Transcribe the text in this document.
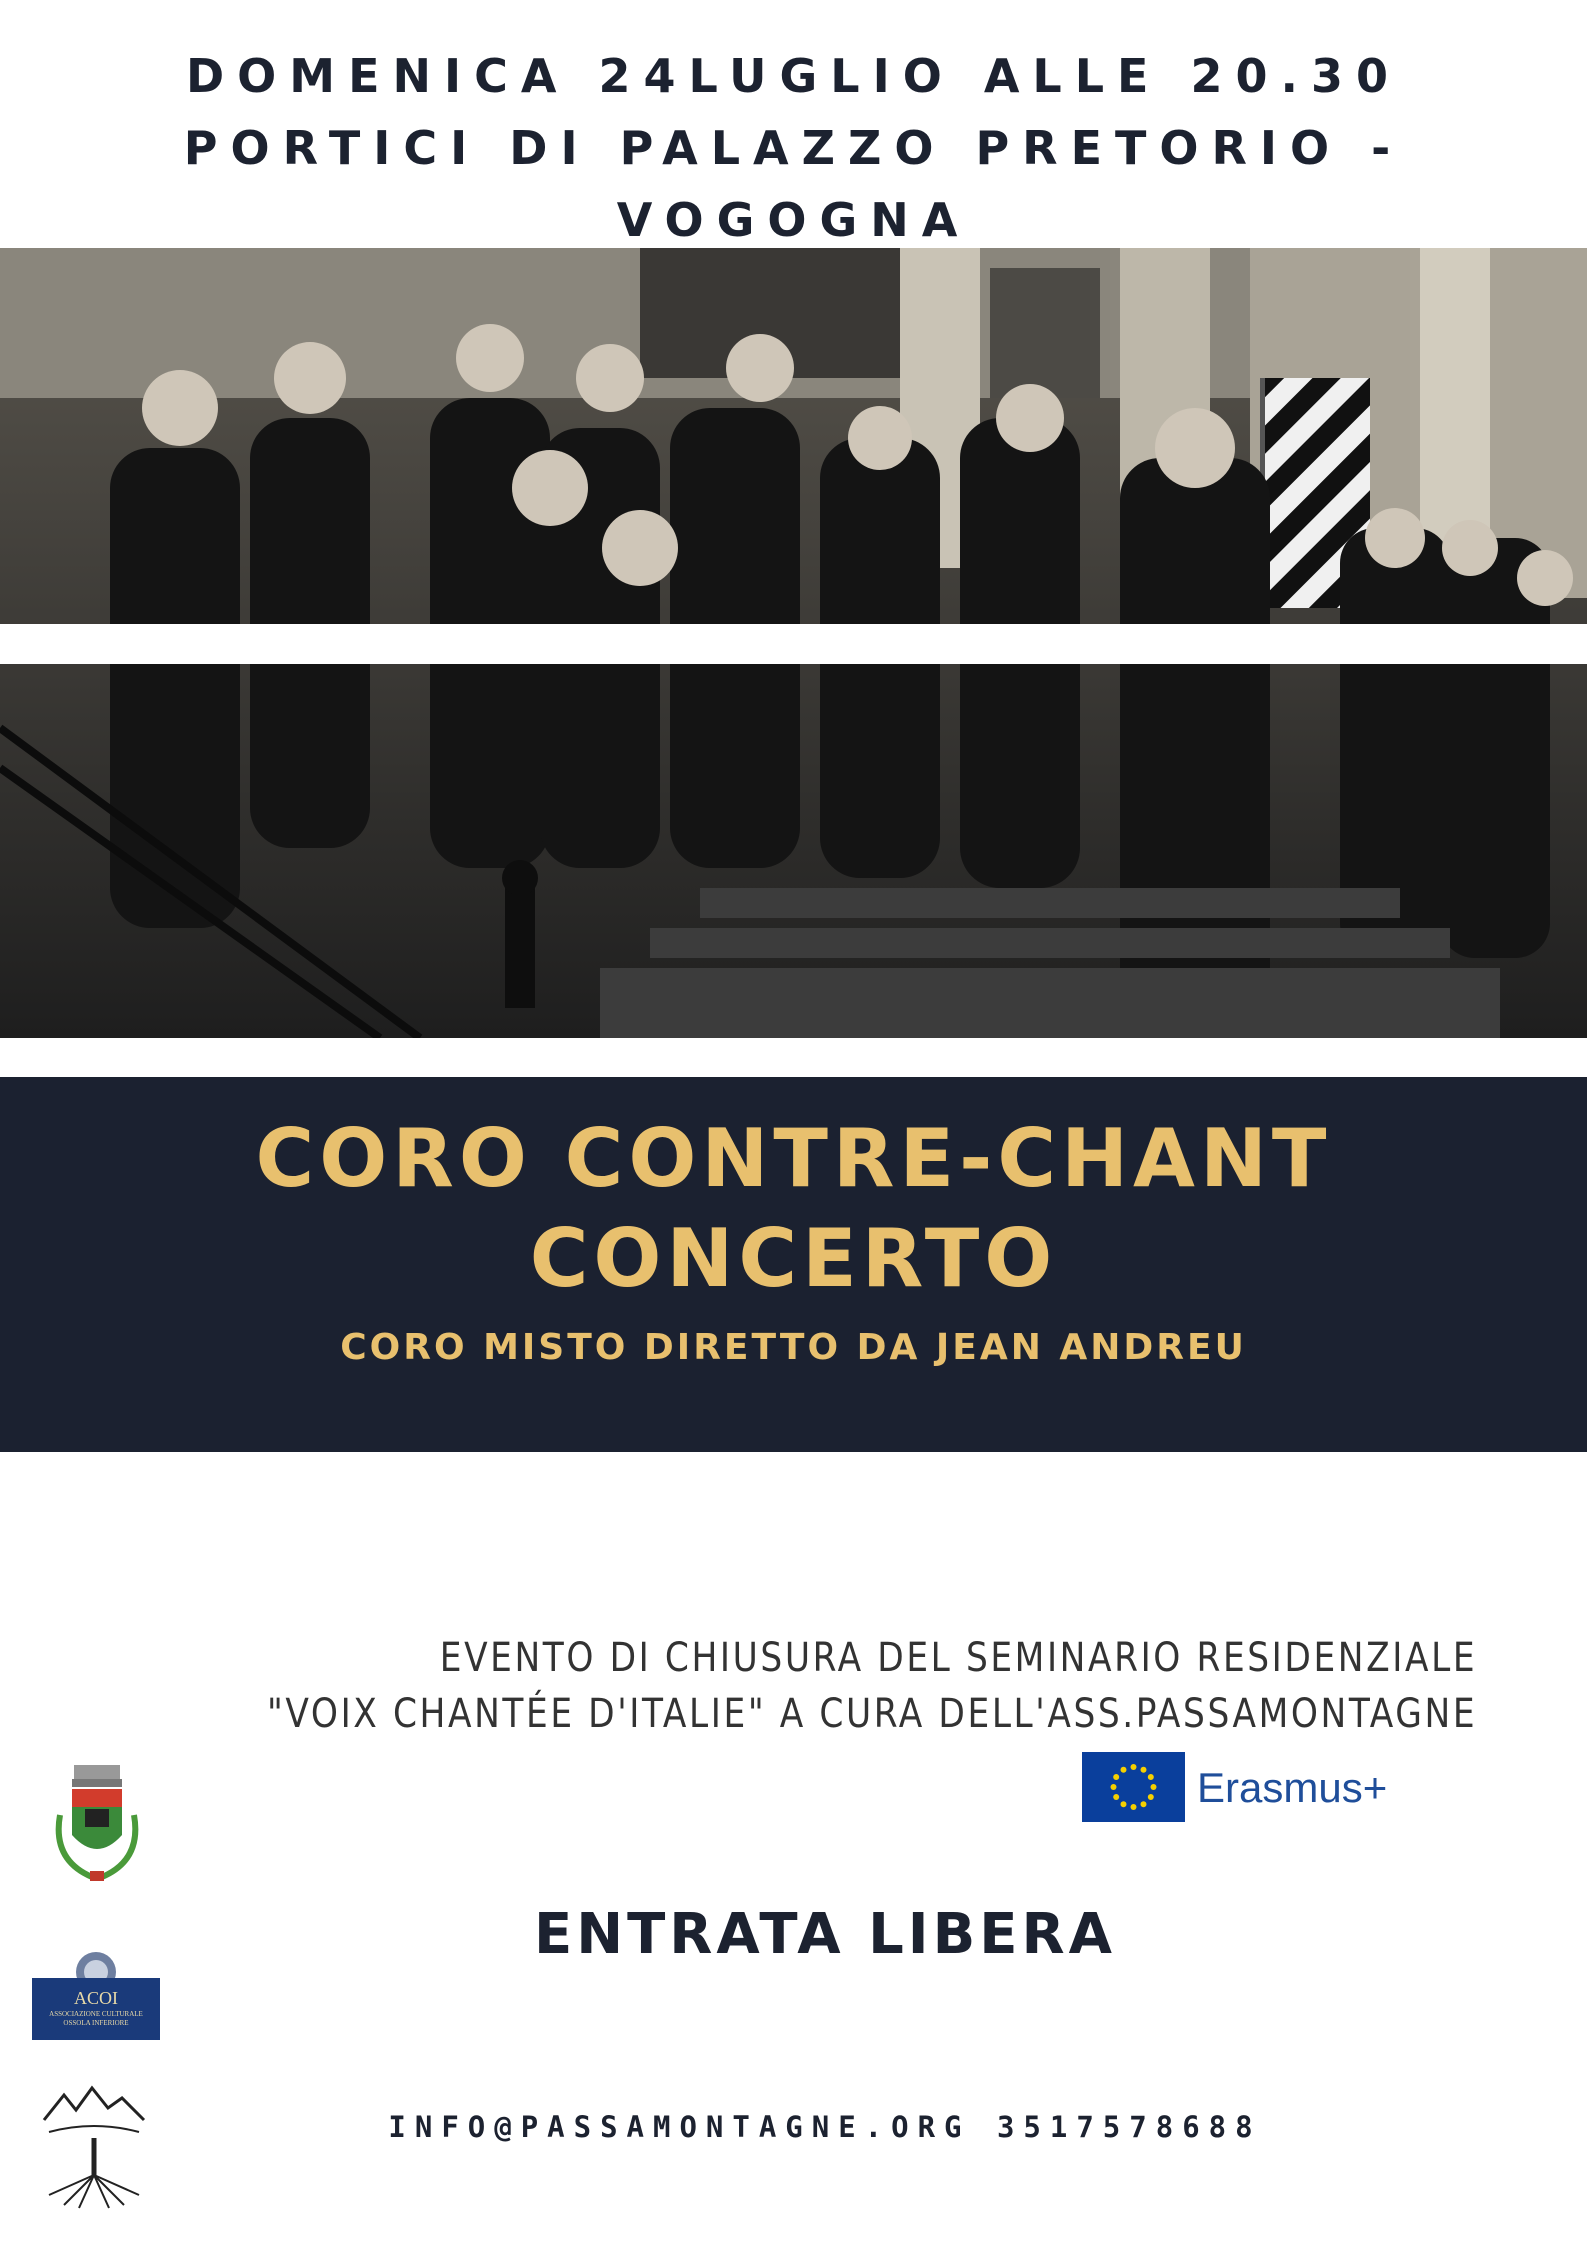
DOMENICA 24LUGLIO ALLE 20.30
PORTICI DI PALAZZO PRETORIO -
VOGOGNA
CORO CONTRE-CHANT
CONCERTO
CORO MISTO DIRETTO DA JEAN ANDREU
EVENTO DI CHIUSURA DEL SEMINARIO RESIDENZIALE
"VOIX CHANTÉE D'ITALIE" A CURA DELL'ASS.PASSAMONTAGNE
Erasmus+
ENTRATA LIBERA
INFO@PASSAMONTAGNE.ORG 3517578688
ACOI
ASSOCIAZIONE CULTURALE
OSSOLA INFERIORE
